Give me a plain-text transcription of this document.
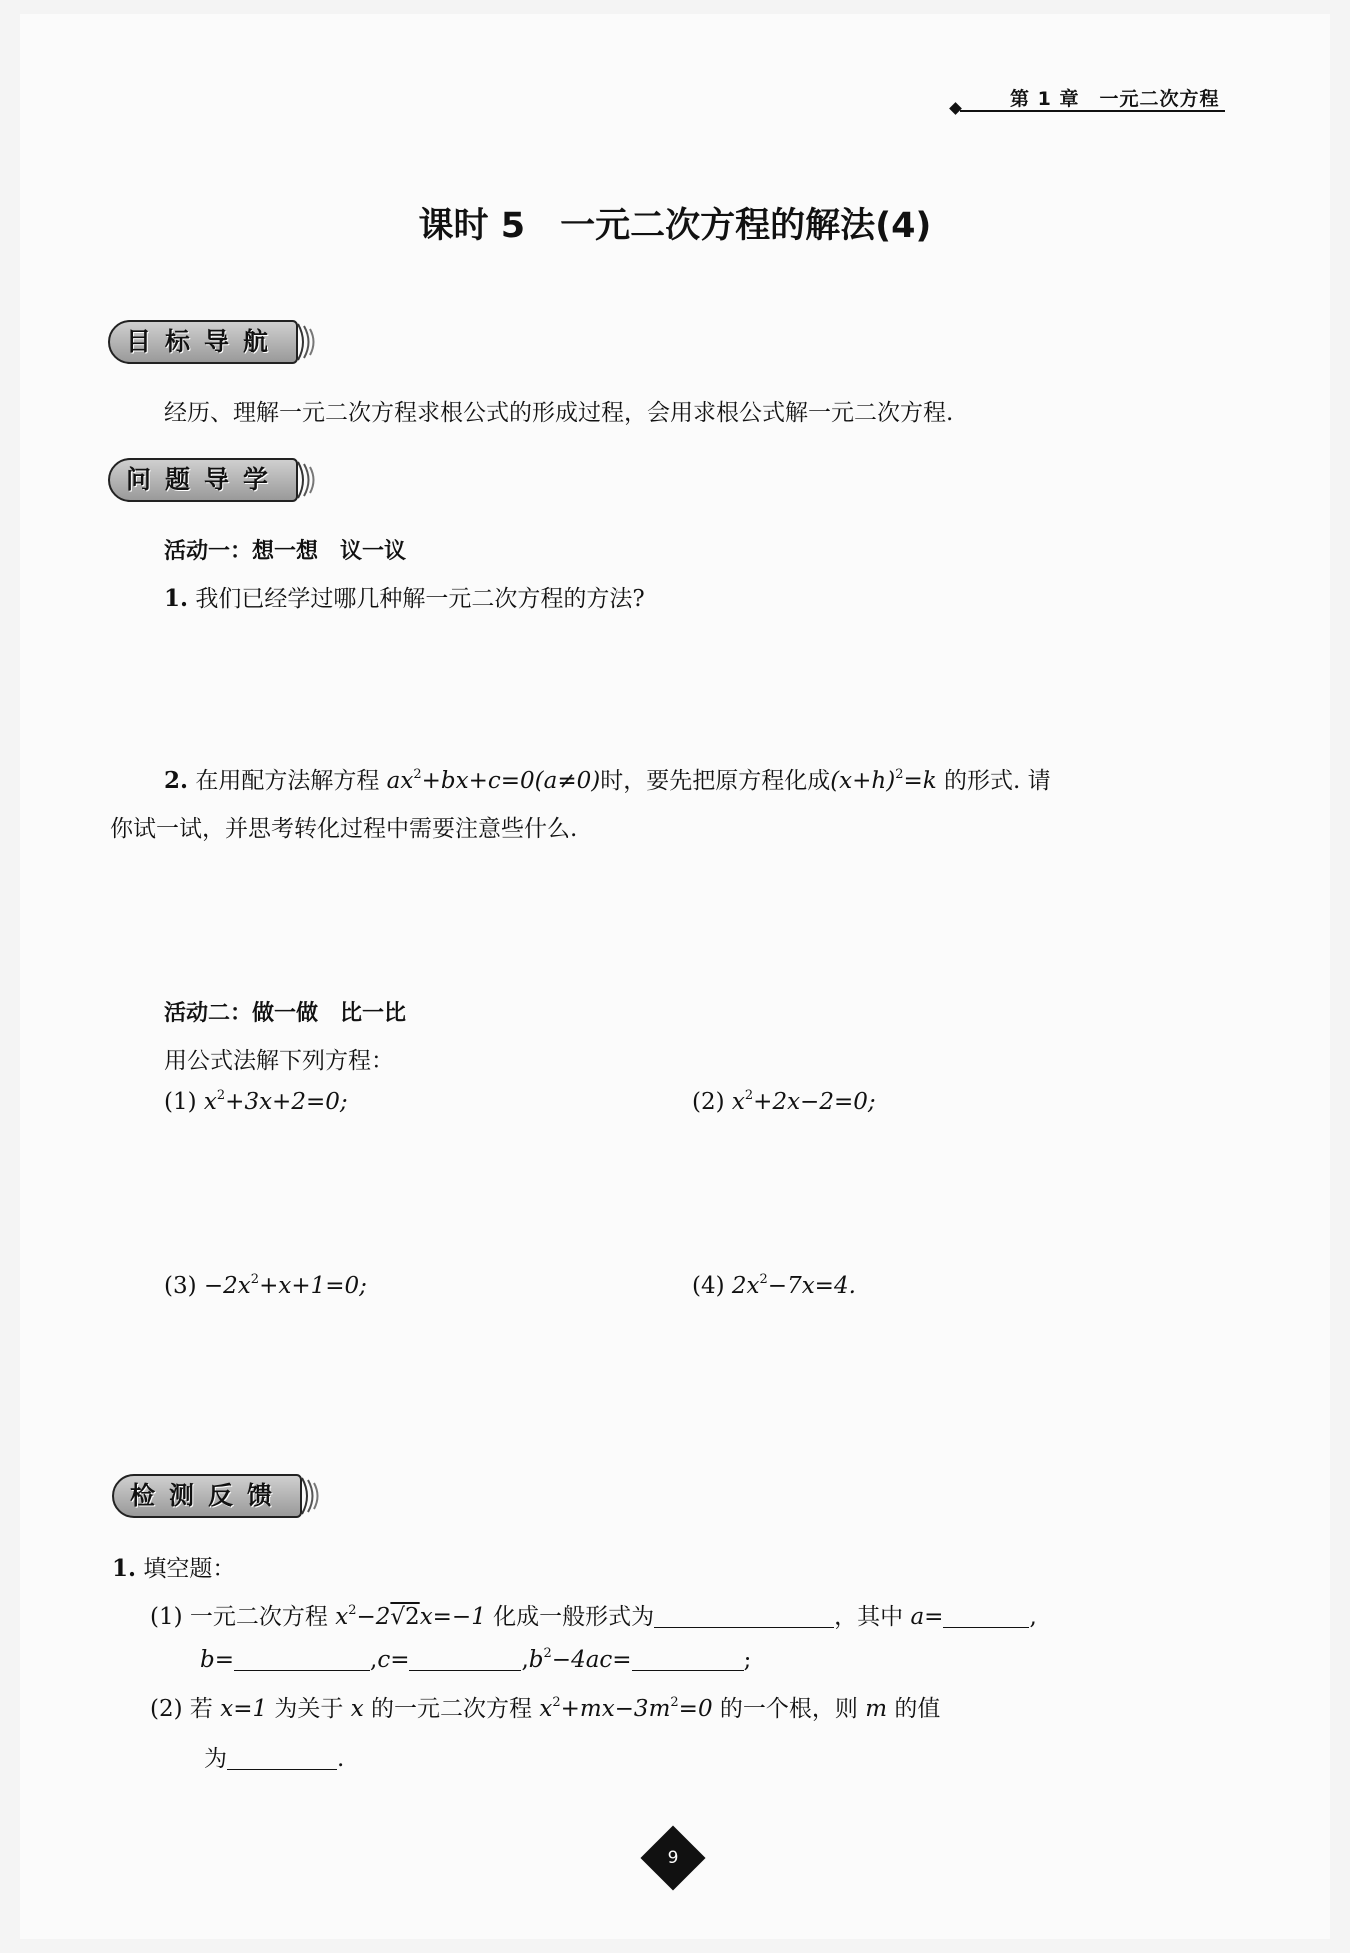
第 1 章　一元二次方程
课时 5　一元二次方程的解法(4)
目标导航
经历、理解一元二次方程求根公式的形成过程，会用求根公式解一元二次方程.
问题导学
活动一：想一想　议一议
1. 我们已经学过哪几种解一元二次方程的方法?
2. 在用配方法解方程 $ax^2+bx+c=0(a\ne 0)$时，要先把原方程化成$(x+h)^2=k$ 的形式. 请
你试一试，并思考转化过程中需要注意些什么.
活动二：做一做　比一比
用公式法解下列方程：
(1) $x^2+3x+2=0$;	(2) $x^2+2x-2=0$;
$(3) -2x^2+x+1=0$;	(4) $2x^2-7x=4$.
检测反馈
1. 填空题：
(1) 一元二次方程 $x^2-2√2x=-1$ 化成一般形式为	，其中 a=	,
b=	,c=	$,b^2-4ac=$	;
(2) 若 x=1 为关于 x 的一元二次方程 $x^2+mx-3m^2=0$ 的一个根，则 m 的值
为	.
9
